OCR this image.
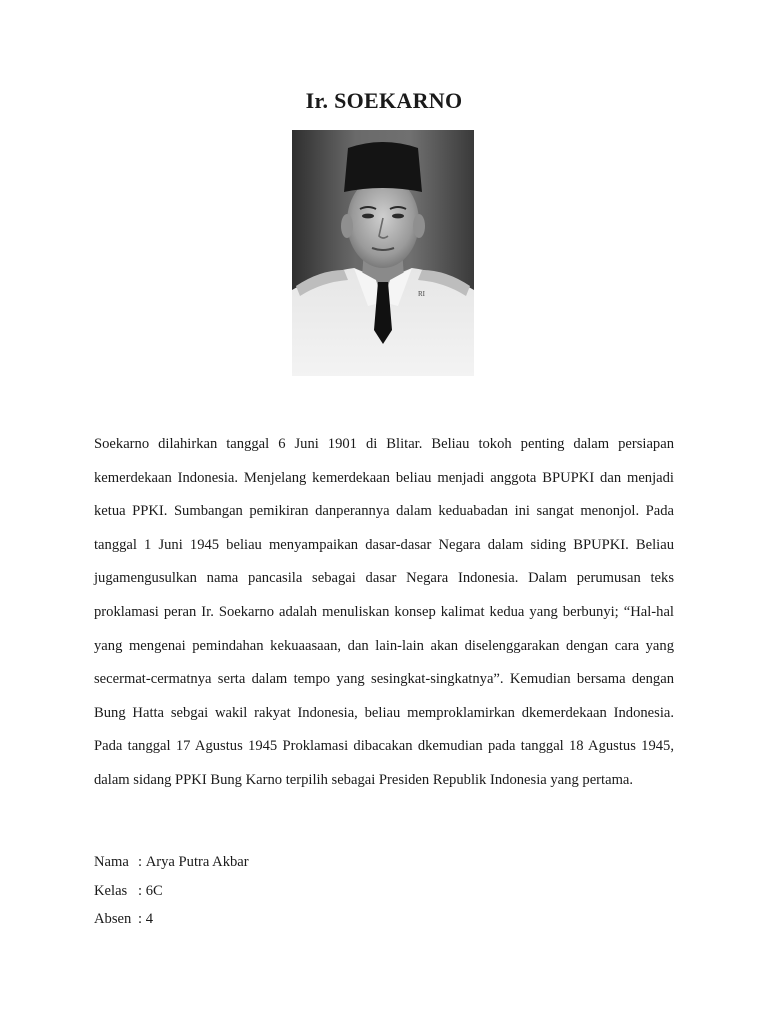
Ir. SOEKARNO
RI

Soekarno dilahirkan tanggal 6 Juni 1901 di Blitar. Beliau tokoh penting dalam persiapan kemerdekaan Indonesia. Menjelang kemerdekaan beliau menjadi anggota BPUPKI dan menjadi ketua PPKI. Sumbangan pemikiran danperannya dalam keduabadan ini sangat menonjol. Pada tanggal 1 Juni 1945 beliau menyampaikan dasar-dasar Negara dalam siding BPUPKI. Beliau jugamengusulkan nama pancasila sebagai dasar Negara Indonesia. Dalam perumusan teks proklamasi peran Ir. Soekarno adalah menuliskan konsep kalimat kedua yang berbunyi; “Hal-hal yang mengenai pemindahan kekuaasaan, dan lain-lain akan diselenggarakan dengan cara yang secermat-cermatnya serta dalam tempo yang sesingkat-singkatnya”. Kemudian bersama dengan Bung Hatta sebgai wakil rakyat Indonesia, beliau memproklamirkan dkemerdekaan Indonesia. Pada tanggal 17 Agustus 1945 Proklamasi dibacakan dkemudian pada tanggal 18 Agustus 1945, dalam sidang PPKI Bung Karno terpilih sebagai Presiden Republik Indonesia yang pertama.

Nama : Arya Putra Akbar
Kelas : 6C
Absen : 4
